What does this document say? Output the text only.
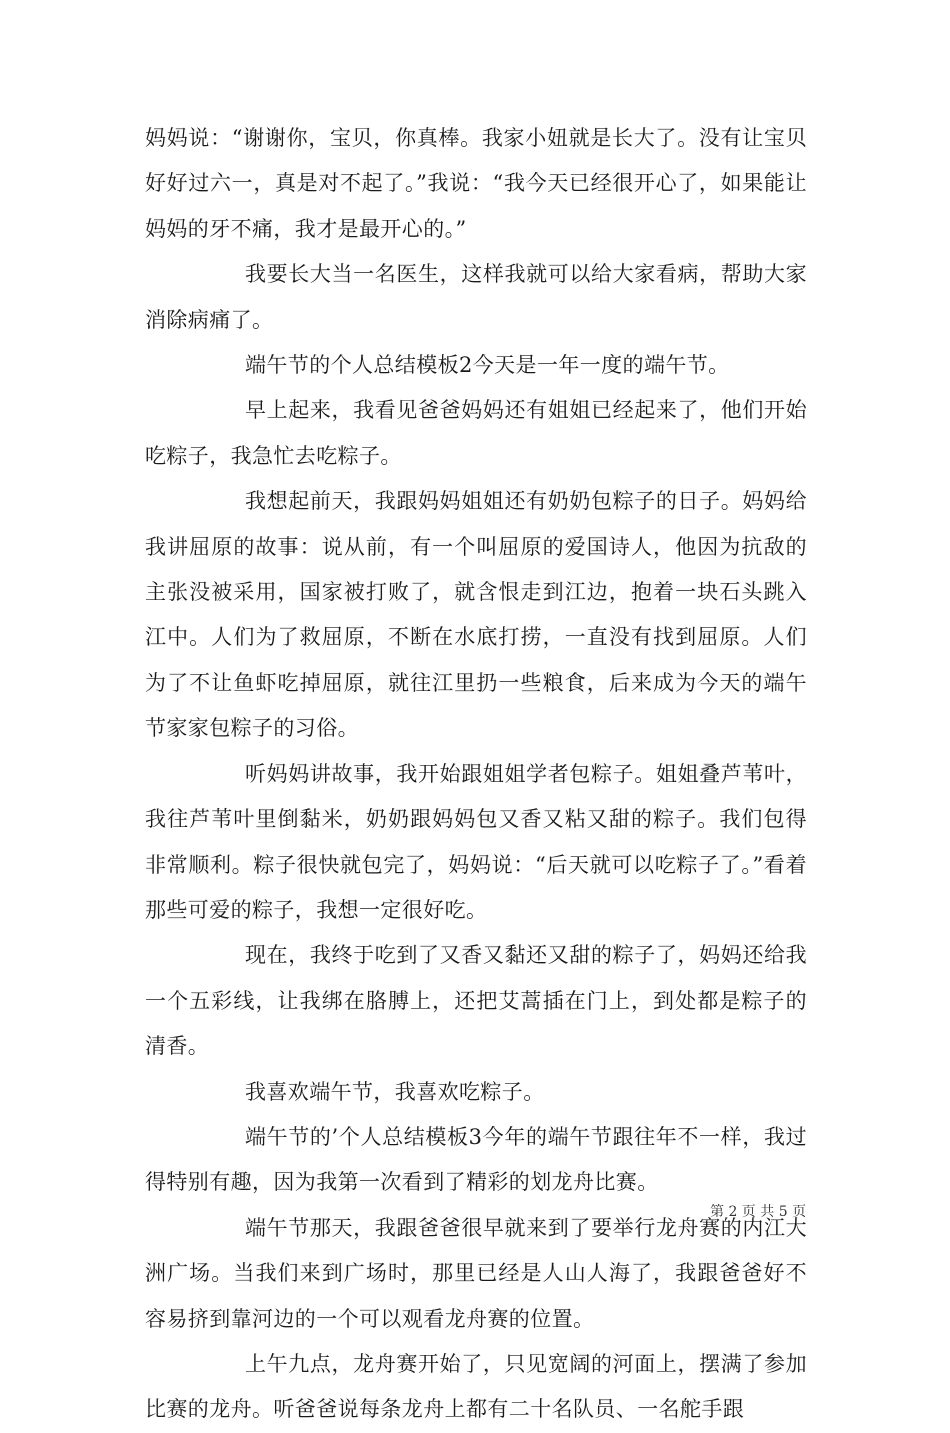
妈妈说：“谢谢你，宝贝，你真棒。我家小妞就是长大了。没有让宝贝好好过六一，真是对不起了。”我说：“我今天已经很开心了，如果能让妈妈的牙不痛，我才是最开心的。”

我要长大当一名医生，这样我就可以给大家看病，帮助大家消除病痛了。

端午节的个人总结模板2今天是一年一度的端午节。

早上起来，我看见爸爸妈妈还有姐姐已经起来了，他们开始吃粽子，我急忙去吃粽子。

我想起前天，我跟妈妈姐姐还有奶奶包粽子的日子。妈妈给我讲屈原的故事：说从前，有一个叫屈原的爱国诗人，他因为抗敌的主张没被采用，国家被打败了，就含恨走到江边，抱着一块石头跳入江中。人们为了救屈原，不断在水底打捞，一直没有找到屈原。人们为了不让鱼虾吃掉屈原，就往江里扔一些粮食，后来成为今天的端午节家家包粽子的习俗。

听妈妈讲故事，我开始跟姐姐学者包粽子。姐姐叠芦苇叶，我往芦苇叶里倒黏米，奶奶跟妈妈包又香又粘又甜的粽子。我们包得非常顺利。粽子很快就包完了，妈妈说：“后天就可以吃粽子了。”看着那些可爱的粽子，我想一定很好吃。

现在，我终于吃到了又香又黏还又甜的粽子了，妈妈还给我一个五彩线，让我绑在胳膊上，还把艾蒿插在门上，到处都是粽子的清香。

我喜欢端午节，我喜欢吃粽子。

端午节的’个人总结模板3今年的端午节跟往年不一样，我过得特别有趣，因为我第一次看到了精彩的划龙舟比赛。

端午节那天，我跟爸爸很早就来到了要举行龙舟赛的内江大洲广场。当我们来到广场时，那里已经是人山人海了，我跟爸爸好不容易挤到靠河边的一个可以观看龙舟赛的位置。

上午九点，龙舟赛开始了，只见宽阔的河面上，摆满了参加比赛的龙舟。听爸爸说每条龙舟上都有二十名队员、一名舵手跟

第 2 页 共 5 页
